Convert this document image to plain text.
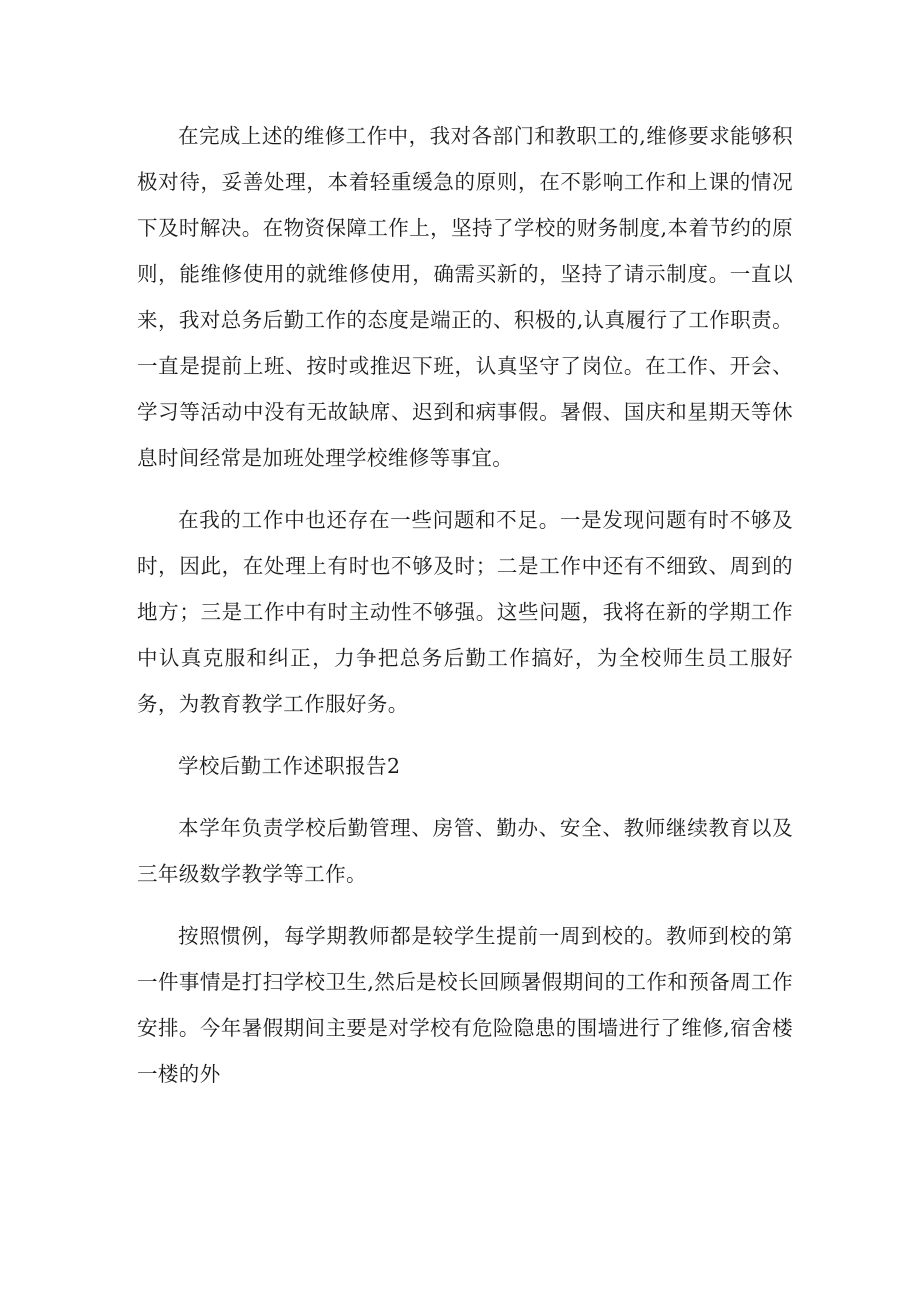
在完成上述的维修工作中，我对各部门和教职工的,维修要求能够积极对待，妥善处理，本着轻重缓急的原则，在不影响工作和上课的情况下及时解决。在物资保障工作上，坚持了学校的财务制度,本着节约的原则，能维修使用的就维修使用，确需买新的，坚持了请示制度。一直以来，我对总务后勤工作的态度是端正的、积极的,认真履行了工作职责。一直是提前上班、按时或推迟下班，认真坚守了岗位。在工作、开会、学习等活动中没有无故缺席、迟到和病事假。暑假、国庆和星期天等休息时间经常是加班处理学校维修等事宜。

在我的工作中也还存在一些问题和不足。一是发现问题有时不够及时，因此，在处理上有时也不够及时；二是工作中还有不细致、周到的地方；三是工作中有时主动性不够强。这些问题，我将在新的学期工作中认真克服和纠正，力争把总务后勤工作搞好，为全校师生员工服好务，为教育教学工作服好务。

学校后勤工作述职报告2

本学年负责学校后勤管理、房管、勤办、安全、教师继续教育以及三年级数学教学等工作。

按照惯例，每学期教师都是较学生提前一周到校的。教师到校的第一件事情是打扫学校卫生,然后是校长回顾暑假期间的工作和预备周工作安排。今年暑假期间主要是对学校有危险隐患的围墙进行了维修,宿舍楼一楼的外
